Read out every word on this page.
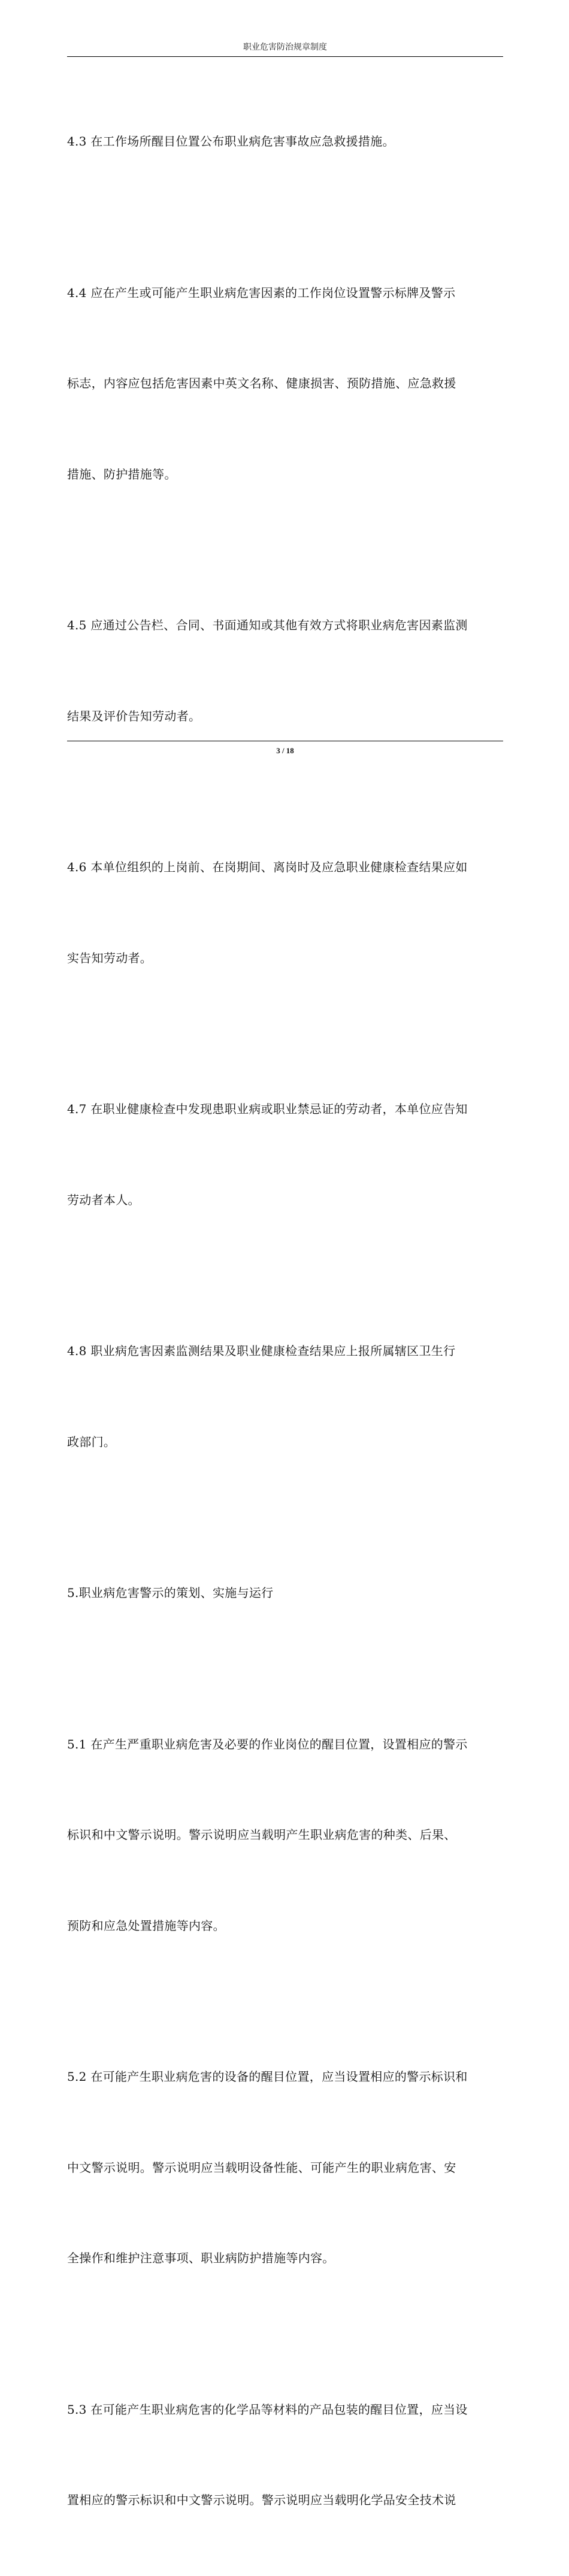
职业危害防治规章制度

4.3 在工作场所醒目位置公布职业病危害事故应急救援措施。

4.4 应在产生或可能产生职业病危害因素的工作岗位设置警示标牌及警示

标志，内容应包括危害因素中英文名称、健康损害、预防措施、应急救援

措施、防护措施等。

4.5 应通过公告栏、合同、书面通知或其他有效方式将职业病危害因素监测

结果及评价告知劳动者。

4.6 本单位组织的上岗前、在岗期间、离岗时及应急职业健康检查结果应如

实告知劳动者。

4.7 在职业健康检查中发现患职业病或职业禁忌证的劳动者，本单位应告知

劳动者本人。

4.8 职业病危害因素监测结果及职业健康检查结果应上报所属辖区卫生行

政部门。

5.职业病危害警示的策划、实施与运行

5.1 在产生严重职业病危害及必要的作业岗位的醒目位置，设置相应的警示

标识和中文警示说明。警示说明应当载明产生职业病危害的种类、后果、

预防和应急处置措施等内容。

5.2 在可能产生职业病危害的设备的醒目位置，应当设置相应的警示标识和

中文警示说明。警示说明应当载明设备性能、可能产生的职业病危害、安

全操作和维护注意事项、职业病防护措施等内容。

5.3 在可能产生职业病危害的化学品等材料的产品包装的醒目位置，应当设

置相应的警示标识和中文警示说明。警示说明应当载明化学品安全技术说

3 / 18
